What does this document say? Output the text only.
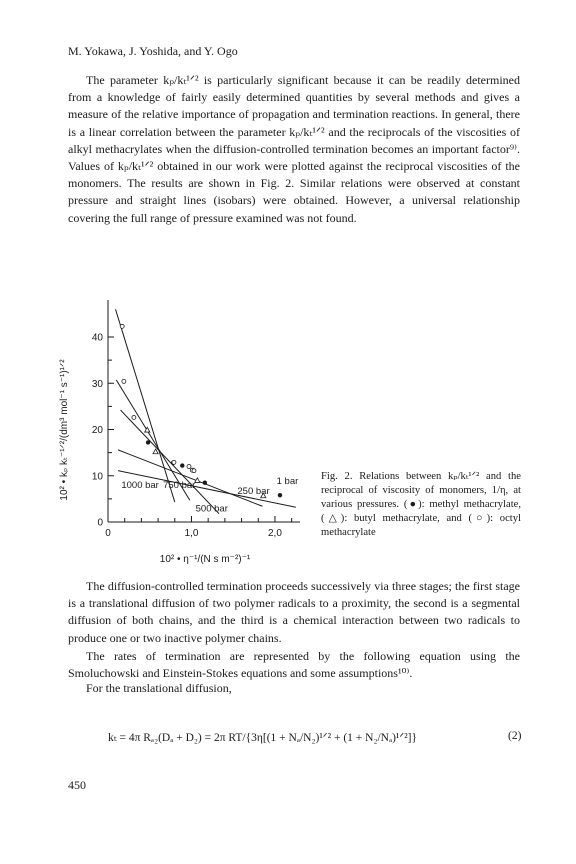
M. Yokawa, J. Yoshida, and Y. Ogo

The parameter kₚ/kₜ¹ᐟ² is particularly significant because it can be readily determined from a knowledge of fairly easily determined quantities by several methods and gives a measure of the relative importance of propagation and termination reactions. In general, there is a linear correlation between the parameter kₚ/kₜ¹ᐟ² and the reciprocals of the viscosities of alkyl methacrylates when the diffusion-controlled termination becomes an important factor⁹⁾. Values of kₚ/kₜ¹ᐟ² obtained in our work were plotted against the reciprocal viscosities of the monomers. The results are shown in Fig. 2. Similar relations were observed at constant pressure and straight lines (isobars) were obtained. However, a universal relationship covering the full range of pressure examined was not found.

0	1,0	2,0
0
10
20
30
40
1000 bar 750 bar
250 bar
500 bar
1 bar
10² • η⁻¹/(N s m⁻²)⁻¹
10² • kₚ kₜ⁻¹ᐟ²/(dm³ mol⁻¹ s⁻¹)¹ᐟ²	Fig. 2. Relations between kₚ/kₜ¹ᐟ² and the reciprocal of viscosity of monomers, 1/η, at various pressures. (●): methyl methacrylate, (△): butyl methacrylate, and (○): octyl methacrylate

The diffusion-controlled termination proceeds successively via three stages; the first stage is a translational diffusion of two polymer radicals to a proximity, the second is a segmental diffusion of both chains, and the third is a chemical interaction between two radicals to produce one or two inactive polymer chains.

The rates of termination are represented by the following equation using the Smoluchowski and Einstein-Stokes equations and some assumptions¹⁰⁾.

For the translational diffusion,

kₜ = 4π Rₐ₂(Dₐ + D₂) = 2π RT/{3η[(1 + Nₐ/N₂)¹ᐟ² + (1 + N₂/Nₐ)¹ᐟ²]}	(2)
450
